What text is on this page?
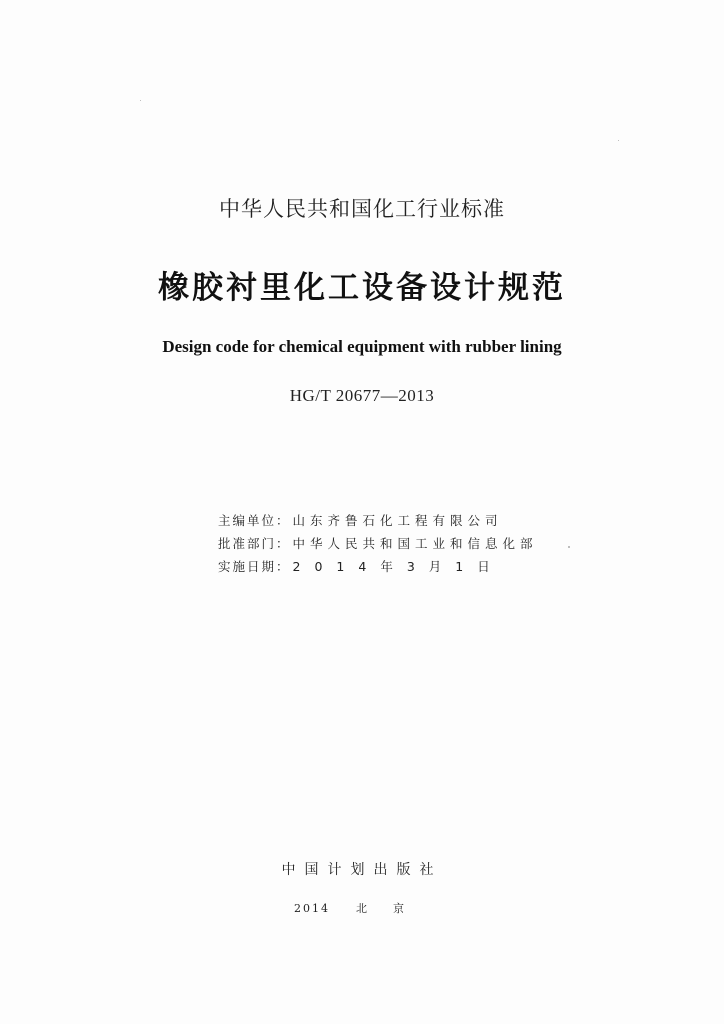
中华人民共和国化工行业标准
橡胶衬里化工设备设计规范
Design code for chemical equipment with rubber lining
HG/T 20677—2013
主编单位： 山东齐鲁石化工程有限公司
批准部门： 中华人民共和国工业和信息化部
实施日期： 2014年3月1日
中国计划出版社
2014 北京
